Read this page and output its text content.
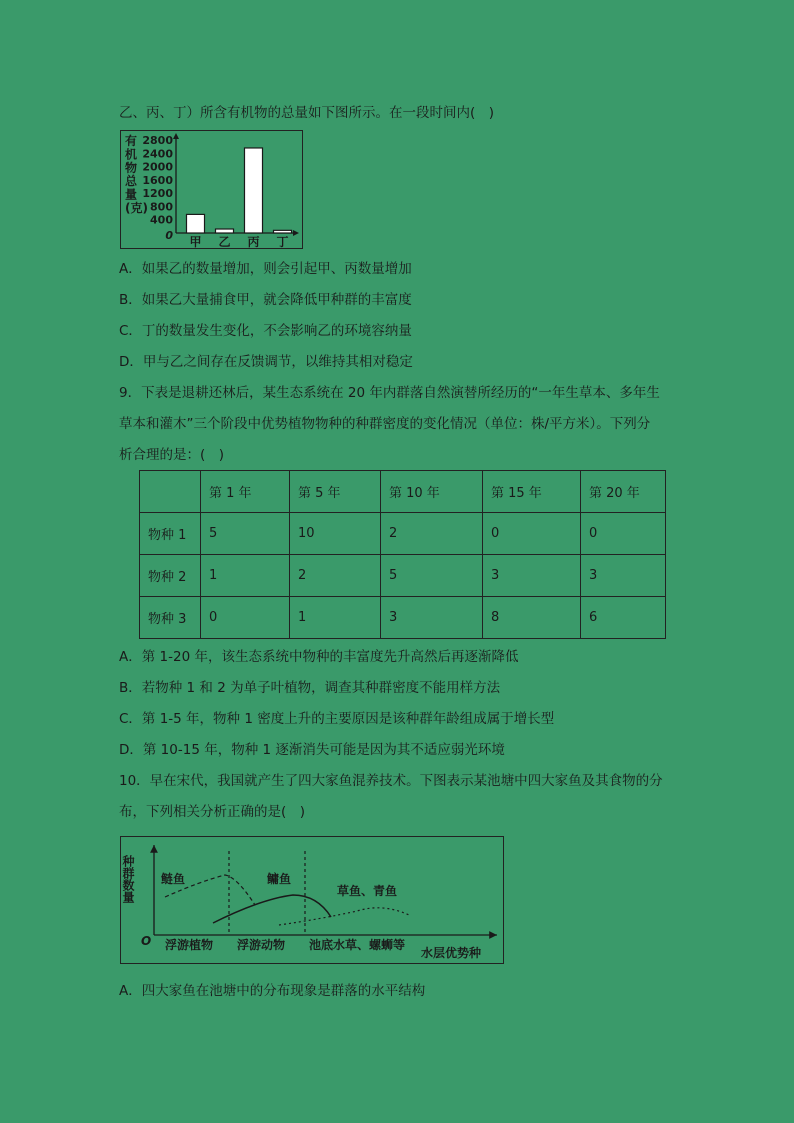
乙、丙、丁）所含有机物的总量如下图所示。在一段时间内(　)
有
机
物
总
量
(克)
2800
2400
2000
1600
1200
800
400
0 甲 乙 丙 丁
A．如果乙的数量增加，则会引起甲、丙数量增加
B．如果乙大量捕食甲，就会降低甲种群的丰富度
C．丁的数量发生变化，不会影响乙的环境容纳量
D．甲与乙之间存在反馈调节，以维持其相对稳定
9．下表是退耕还林后，某生态系统在 20 年内群落自然演替所经历的“一年生草本、多年生
草本和灌木”三个阶段中优势植物物种的种群密度的变化情况（单位：株/平方米）。下列分
析合理的是：(　)
	第 1 年	第 5 年	第 10 年	第 15 年	第 20 年
物种 1	5	10	2	0	0
物种 2	1	2	5	3	3
物种 3	0	1	3	8	6
A．第 1-20 年，该生态系统中物种的丰富度先升高然后再逐渐降低
B．若物种 1 和 2 为单子叶植物，调查其种群密度不能用样方法
C．第 1-5 年，物种 1 密度上升的主要原因是该种群年龄组成属于增长型
D．第 10-15 年，物种 1 逐渐消失可能是因为其不适应弱光环境
10．早在宋代，我国就产生了四大家鱼混养技术。下图表示某池塘中四大家鱼及其食物的分
布，下列相关分析正确的是(　)
种群数量
O
鲢鱼	鳙鱼
草鱼、青鱼
浮游植物 浮游动物 池底水草、螺蛳等
水层优势种
A．四大家鱼在池塘中的分布现象是群落的水平结构
